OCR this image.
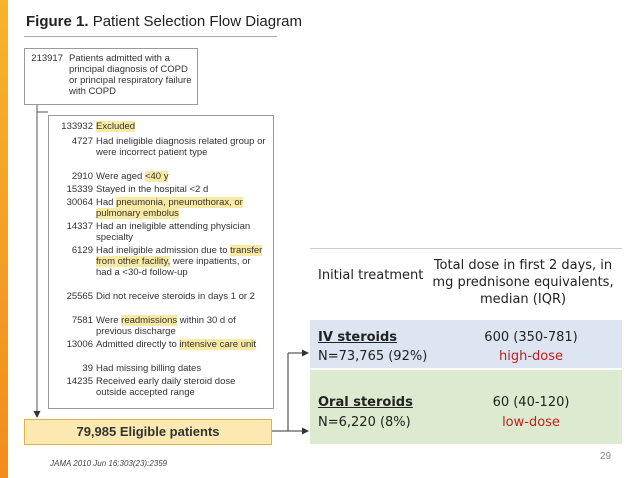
Figure 1. Patient Selection Flow Diagram
213917 Patients admitted with a principal diagnosis of COPD or principal respiratory failure with COPD
133932 Excluded
4727 Had ineligible diagnosis related group or were incorrect patient type
2910 Were aged <40 y
15339 Stayed in the hospital <2 d
30064 Had pneumonia, pneumothorax, or pulmonary embolus
14337 Had an ineligible attending physician specialty
6129 Had ineligible admission due to transfer from other facility, were inpatients, or had a <30-d follow-up
25565 Did not receive steroids in days 1 or 2
7581 Were readmissions within 30 d of previous discharge
13006 Admitted directly to intensive care unit
39 Had missing billing dates
14235 Received early daily steroid dose outside accepted range
79,985 Eligible patients
JAMA 2010 Jun 16;303(23):2359
29
Initial treatment
Total dose in first 2 days, in mg prednisone equivalents, median (IQR)
IV steroids
N=73,765 (92%)
600 (350-781)
high-dose
Oral steroids
N=6,220 (8%)
60 (40-120)
low-dose
